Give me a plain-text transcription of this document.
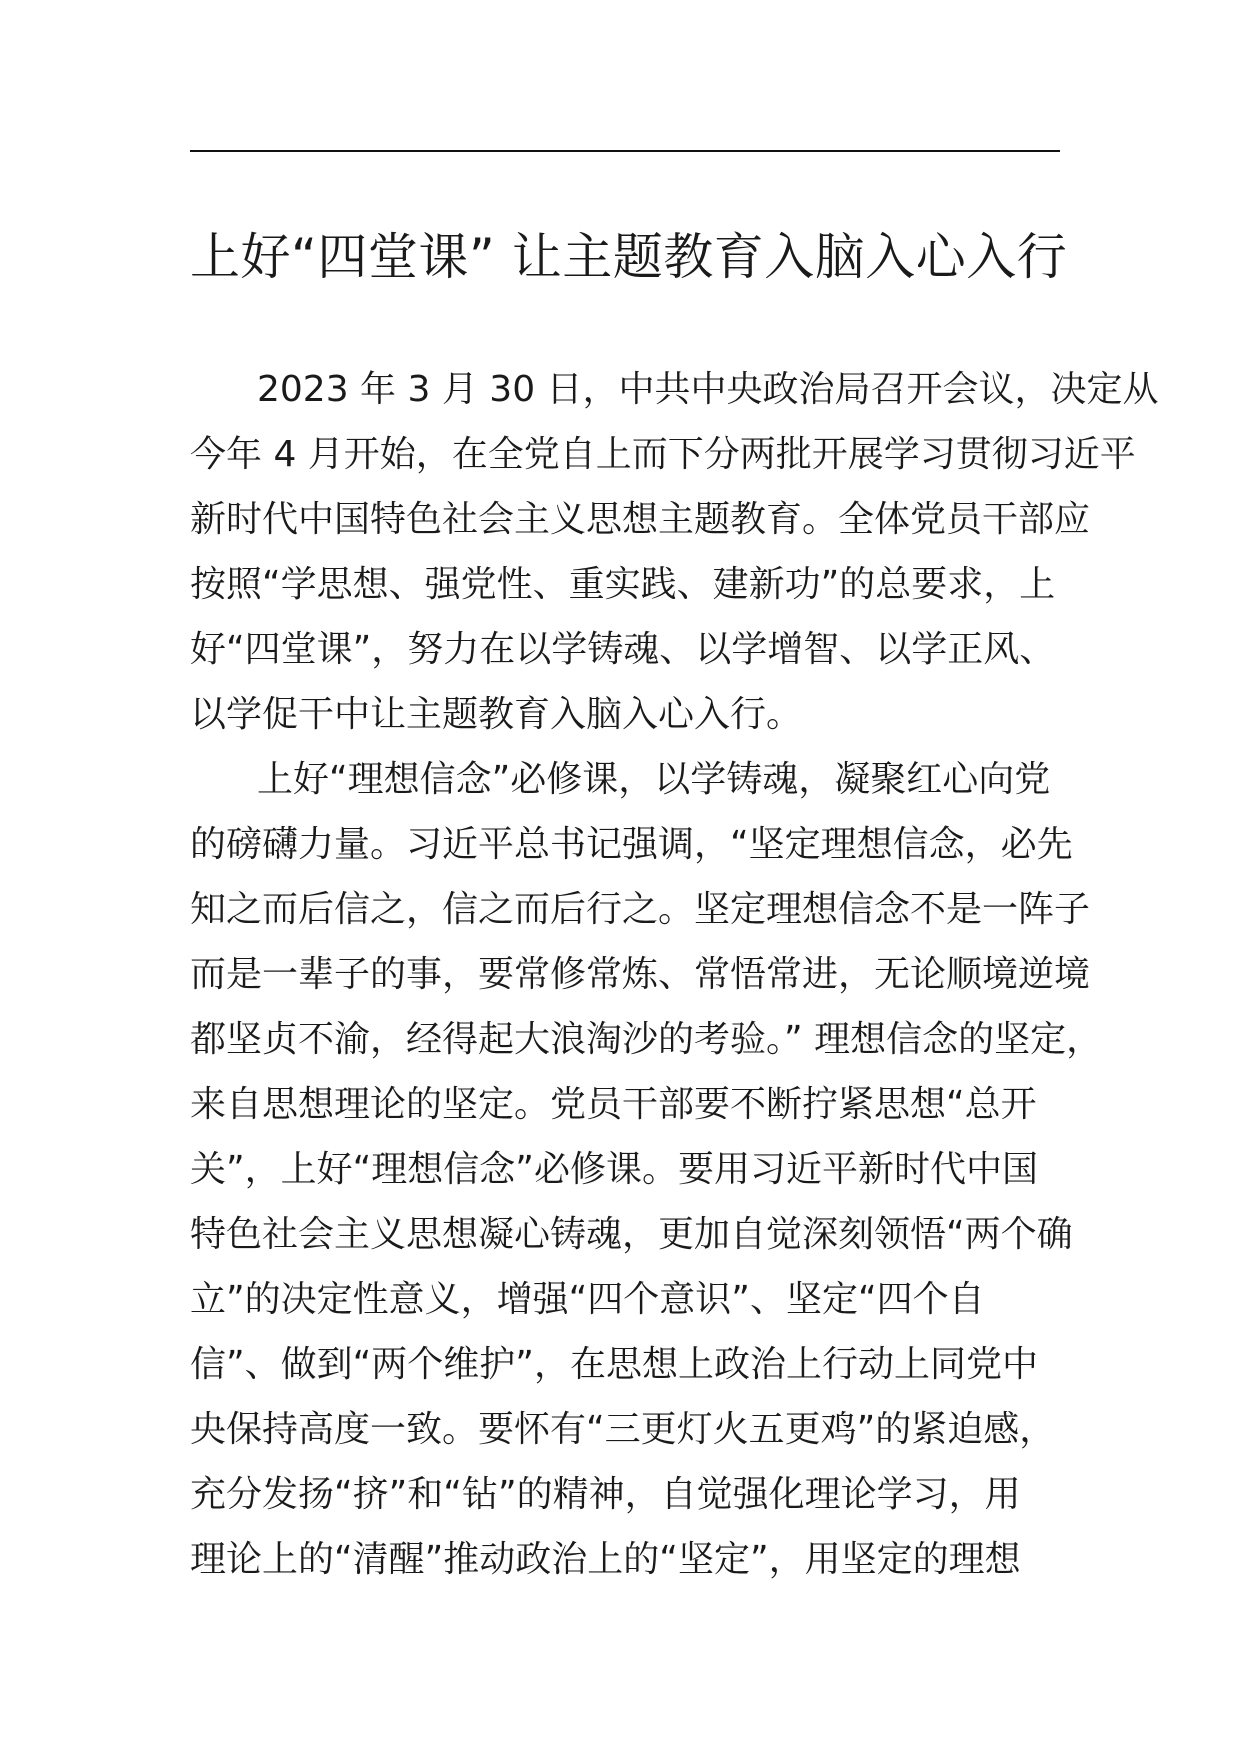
上好“四堂课” 让主题教育入脑入心入行
2023 年 3 月 30 日，中共中央政治局召开会议，决定从
今年 4 月开始，在全党自上而下分两批开展学习贯彻习近平
新时代中国特色社会主义思想主题教育。全体党员干部应
按照“学思想、强党性、重实践、建新功”的总要求，上
好“四堂课”，努力在以学铸魂、以学增智、以学正风、
以学促干中让主题教育入脑入心入行。
上好“理想信念”必修课，以学铸魂，凝聚红心向党
的磅礴力量。习近平总书记强调，“坚定理想信念，必先
知之而后信之，信之而后行之。坚定理想信念不是一阵子
而是一辈子的事，要常修常炼、常悟常进，无论顺境逆境
都坚贞不渝，经得起大浪淘沙的考验。” 理想信念的坚定，
来自思想理论的坚定。党员干部要不断拧紧思想“总开
关”，上好“理想信念”必修课。要用习近平新时代中国
特色社会主义思想凝心铸魂，更加自觉深刻领悟“两个确
立”的决定性意义，增强“四个意识”、坚定“四个自
信”、做到“两个维护”，在思想上政治上行动上同党中
央保持高度一致。要怀有“三更灯火五更鸡”的紧迫感，
充分发扬“挤”和“钻”的精神，自觉强化理论学习，用
理论上的“清醒”推动政治上的“坚定”，用坚定的理想
